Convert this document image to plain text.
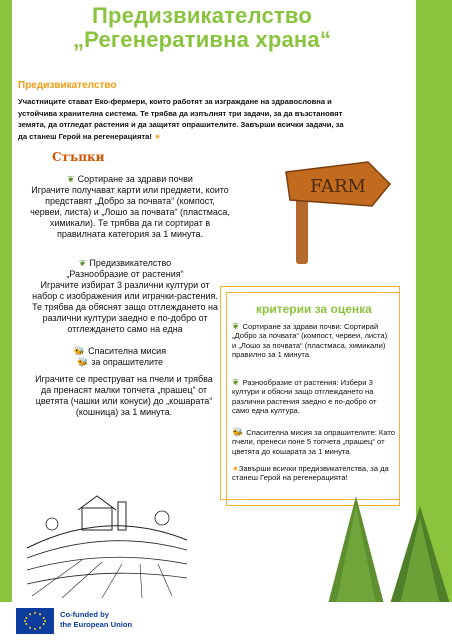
Предизвикателство
„Регенеративна храна“
Предизвикателство
Участниците стават Еко-фермери, които работят за изграждане на здравословна и устойчива хранителна система. Те трябва да изпълнят три задачи, за да възстановят земята, да отгледат растения и да защитят опрашителите. Завърши всички задачи, за да станеш Герой на регенерацията! ★
Стъпки
❦ Сортиране за здрави почви
Играчите получават карти или предмети, които представят „Добро за почвата“ (компост, червеи, листа) и „Лошо за почвата“ (пластмаса, химикали). Те трябва да ги сортират в правилната категория за 1 минута.
❦ Предизвикателство
„Разнообразие от растения“
Играчите избират 3 различни култури от набор с изображения или играчки-растения. Те трябва да обяснят защо отглеждането на различни култури заедно е по-добро от отглеждането само на една
🐝 Спасителна мисия
🐝 за опрашителите
Играчите се преструват на пчели и трябва да пренасят малки топчета „прашец“ от цветята (чашки или конуси) до „кошарата“ (кошница) за 1 минута.
FARM
критерии за оценка
❦ Сортиране за здрави почви: Сортирай „Добро за почвата“ (компост, червеи, листа) и „Лошо за почвата“ (пластмаса, химикали) правилно за 1 минута.
❦ Разнообразие от растения: Избери 3 култури и обясни защо отглеждането на различни растения заедно е по-добро от само една култура.
🐝 Спасителна мисия за опрашителите: Като пчели, пренеси поне 5 топчета „прашец“ от цветята до кошарата за 1 минута.
★Завърши всички предизвикателства, за да станеш Герой на регенерацията!
Co-funded by
the European Union
